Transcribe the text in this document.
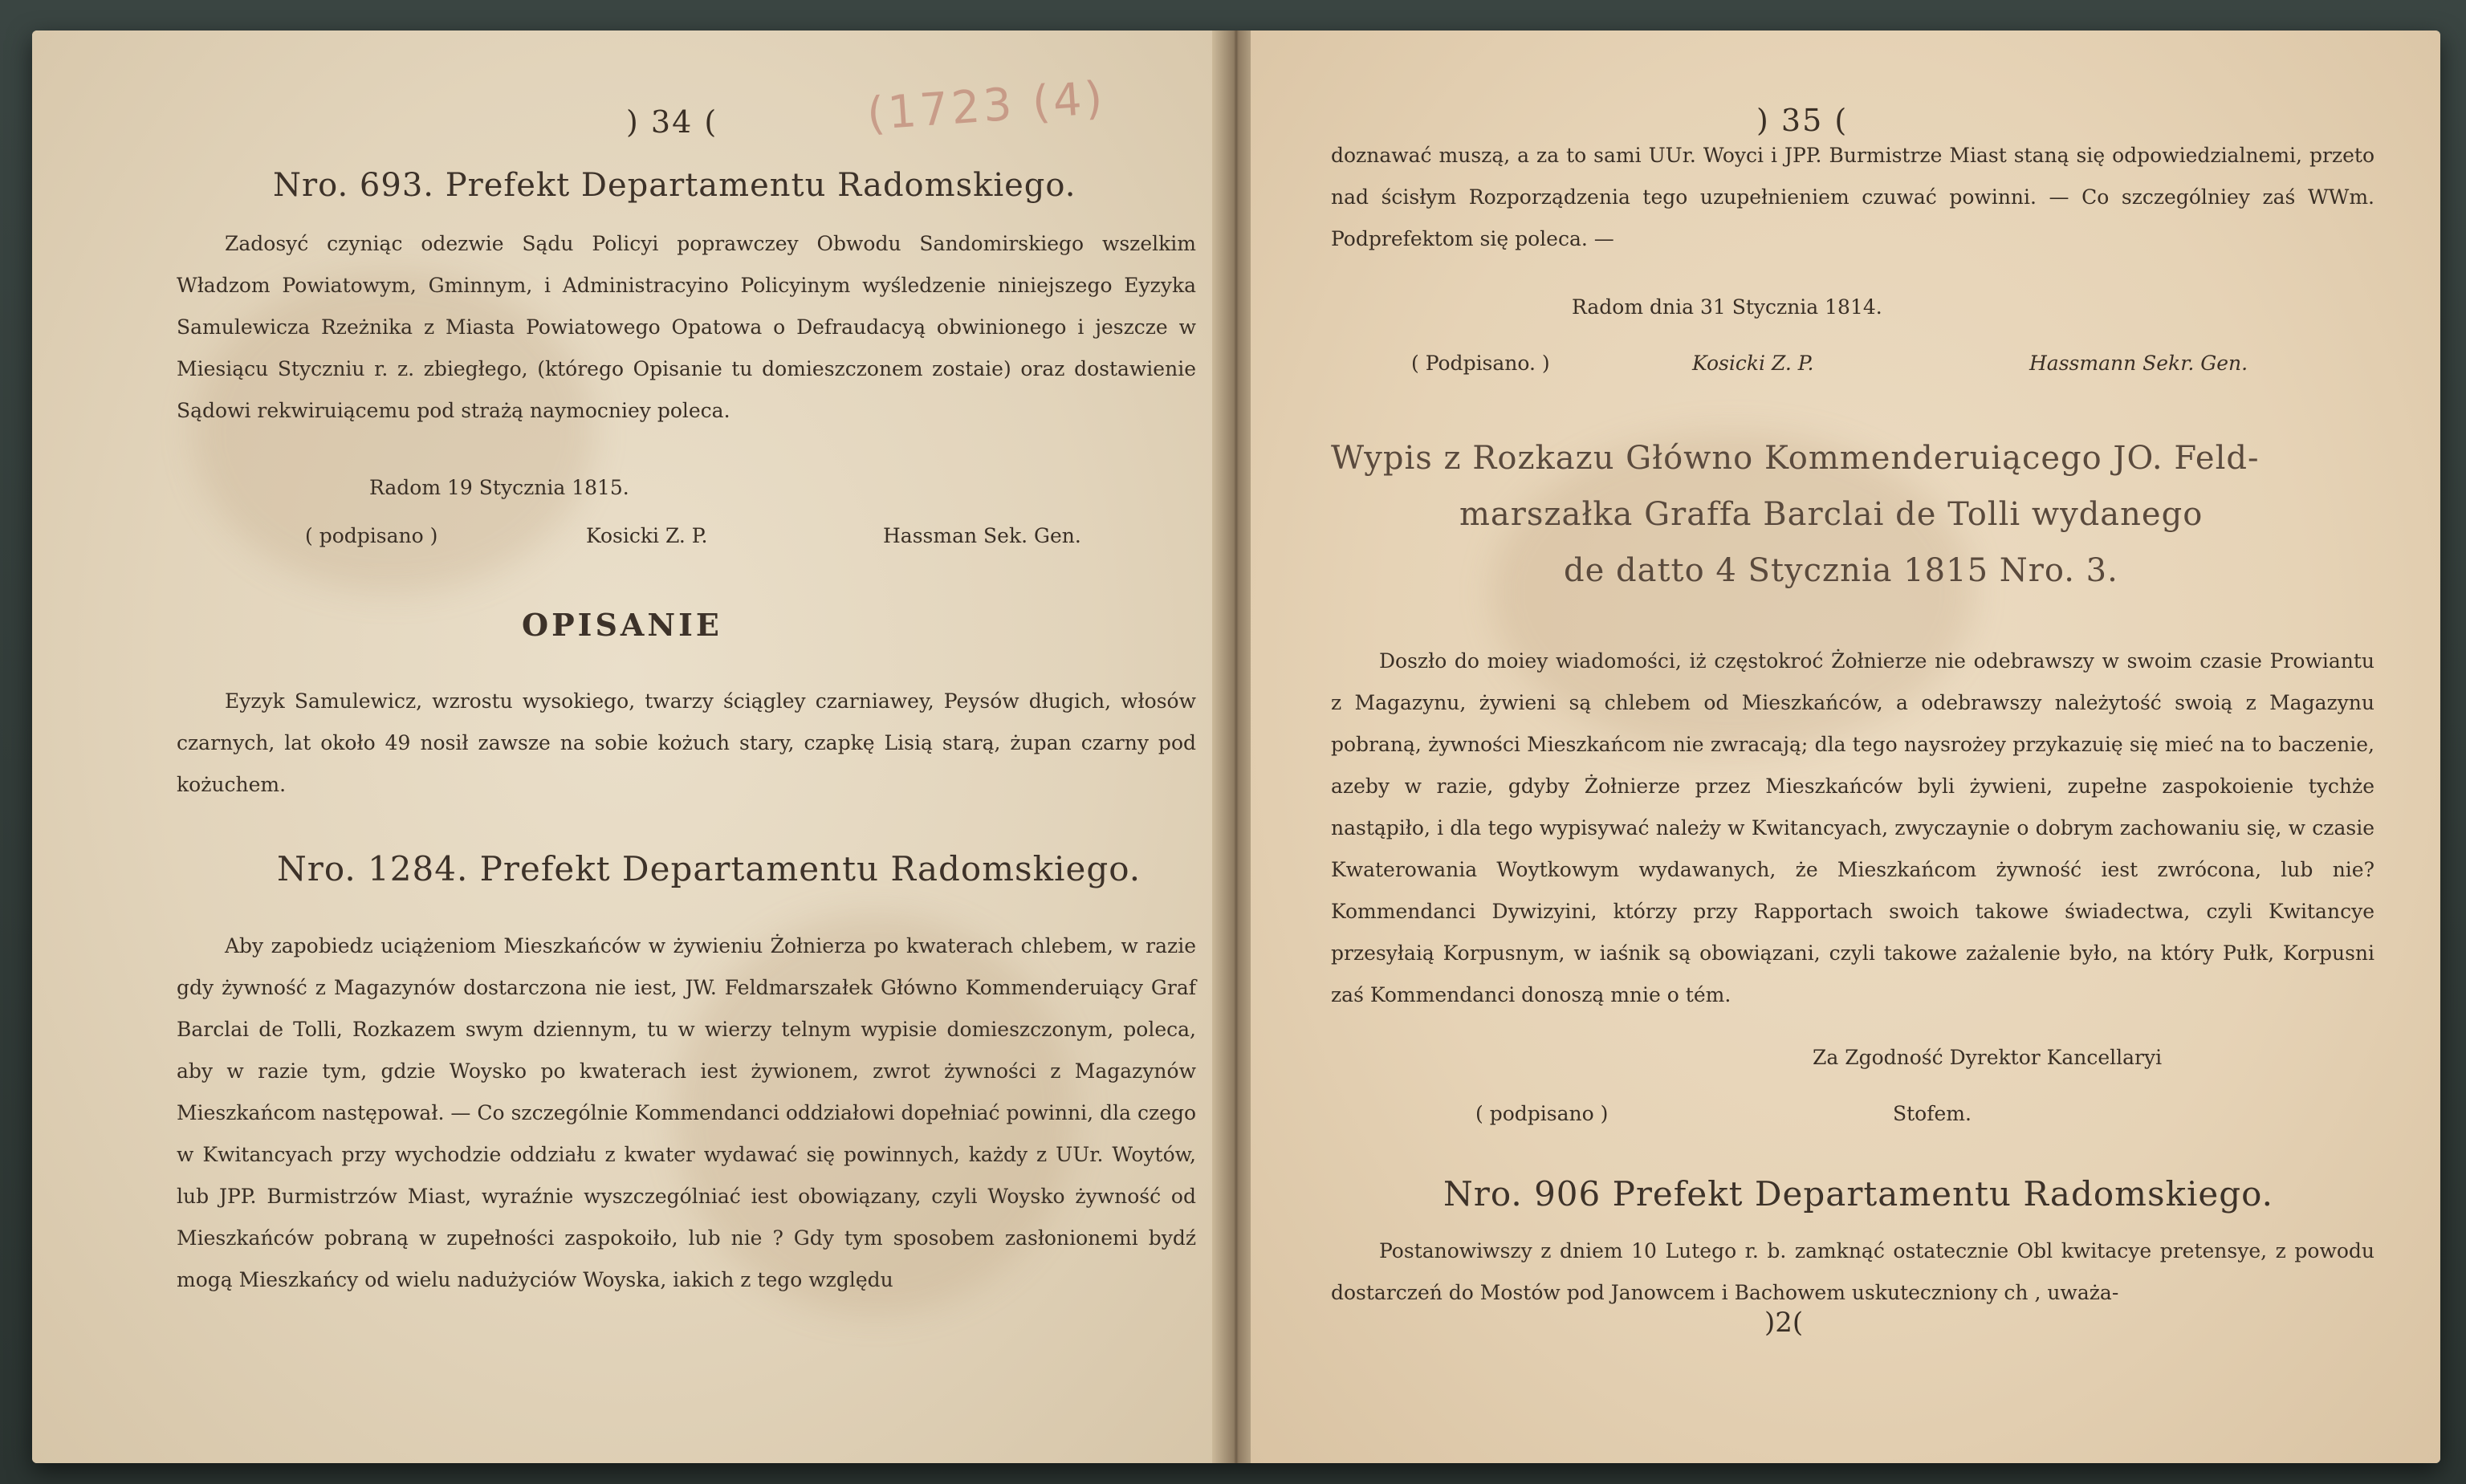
) 34 (	(1723 (4)
Nro. 693. Prefekt Departamentu Radomskiego.
Zadosyć czyniąc odezwie Sądu Policyi poprawczey Obwodu Sandomirskiego wszelkim Władzom Powiatowym, Gminnym, i Administracyino Policyinym wyśledzenie niniejszego Eyzyka Samulewicza Rzeżnika z Miasta Powiatowego Opatowa o Defraudacyą obwinionego i jeszcze w Miesiącu Styczniu r. z. zbiegłego, (którego Opisanie tu domieszczonem zostaie) oraz dostawienie Sądowi rekwiruiącemu pod strażą naymocniey poleca.
Radom 19 Stycznia 1815.
( podpisano )	Kosicki Z. P.	Hassman Sek. Gen.
OPISANIE
Eyzyk Samulewicz, wzrostu wysokiego, twarzy ściągley czarniawey, Peysów długich, włosów czarnych, lat około 49 nosił zawsze na sobie kożuch stary, czapkę Lisią starą, żupan czarny pod kożuchem.
Nro. 1284. Prefekt Departamentu Radomskiego.
Aby zapobiedz uciążeniom Mieszkańców w żywieniu Żołnierza po kwaterach chlebem, w razie gdy żywność z Magazynów dostarczona nie iest, JW. Feldmarszałek Główno Kommenderuiący Graf Barclai de Tolli, Rozkazem swym dziennym, tu w wierzy telnym wypisie domieszczonym, poleca, aby w razie tym, gdzie Woysko po kwaterach iest żywionem, zwrot żywności z Magazynów Mieszkańcom następował. — Co szczególnie Kommendanci oddziałowi dopełniać powinni, dla czego w Kwitancyach przy wychodzie oddziału z kwater wydawać się powinnych, każdy z UUr. Woytów, lub JPP. Burmistrzów Miast, wyraźnie wyszczególniać iest obowiązany, czyli Woysko żywność od Mieszkańców pobraną w zupełności zaspokoiło, lub nie ? Gdy tym sposobem zasłonionemi bydź mogą Mieszkańcy od wielu nadużyciów Woyska, iakich z tego względu
) 35 (
doznawać muszą, a za to sami UUr. Woyci i JPP. Burmistrze Miast staną się odpowiedzialnemi, przeto nad ścisłym Rozporządzenia tego uzupełnieniem czuwać powinni. — Co szczególniey zaś WWm. Podprefektom się poleca. —
Radom dnia 31 Stycznia 1814.
( Podpisano. )	Kosicki Z. P.	Hassmann Sekr. Gen.
Wypis z Rozkazu Główno Kommenderuiącego JO. Feld-
marszałka Graffa Barclai de Tolli wydanego
de datto 4 Stycznia 1815 Nro. 3.
Doszło do moiey wiadomości, iż częstokroć Żołnierze nie odebrawszy w swoim czasie Prowiantu z Magazynu, żywieni są chlebem od Mieszkańców, a odebrawszy należytość swoią z Magazynu pobraną, żywności Mieszkańcom nie zwracają; dla tego naysrożey przykazuię się mieć na to baczenie, azeby w razie, gdyby Żołnierze przez Mieszkańców byli żywieni, zupełne zaspokoienie tychże nastąpiło, i dla tego wypisywać należy w Kwitancyach, zwyczaynie o dobrym zachowaniu się, w czasie Kwaterowania Woytkowym wydawanych, że Mieszkańcom żywność iest zwrócona, lub nie? Kommendanci Dywizyini, którzy przy Rapportach swoich takowe świadectwa, czyli Kwitancye przesyłaią Korpusnym, w iaśnik są obowiązani, czyli takowe zażalenie było, na który Pułk, Korpusni zaś Kommendanci donoszą mnie o tém.
Za Zgodność Dyrektor Kancellaryi
( podpisano )	Stofem.
Nro. 906 Prefekt Departamentu Radomskiego.
Postanowiwszy z dniem 10 Lutego r. b. zamknąć ostatecznie Obl kwitacye pretensye, z powodu dostarczeń do Mostów pod Janowcem i Bachowem uskuteczniony ch , uważa-
)2(
